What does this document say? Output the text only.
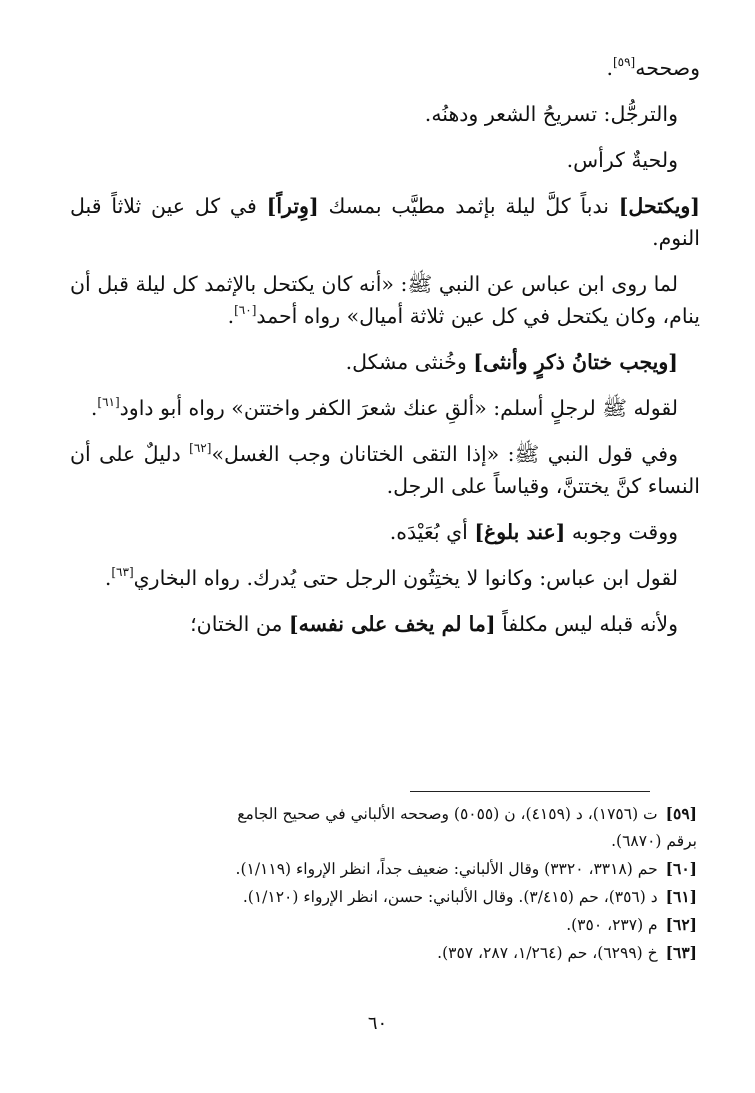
وصححه[٥٩].

والترجُّل: تسريحُ الشعر ودهنُه.

ولحيةٌ كرأس.

[ويكتحل] ندباً كلَّ ليلة بإثمد مطيَّب بمسك [وِتراً] في كل عين ثلاثاً قبل النوم.

لما روى ابن عباس عن النبي ﷺ: «أنه كان يكتحل بالإثمد كل ليلة قبل أن ينام، وكان يكتحل في كل عين ثلاثة أميال» رواه أحمد[٦٠].

[ويجب ختانُ ذكرٍ وأنثى] وخُنثى مشكل.

لقوله ﷺ لرجلٍ أسلم: «ألقِ عنك شعرَ الكفر واختتن» رواه أبو داود[٦١].

وفي قول النبي ﷺ: «إذا التقى الختانان وجب الغسل»[٦٢] دليلٌ على أن النساء كنَّ يختتنَّ، وقياساً على الرجل.

ووقت وجوبه [عند بلوغ] أي بُعَيْدَه.

لقول ابن عباس: وكانوا لا يختِتُون الرجل حتى يُدرك. رواه البخاري[٦٣].

ولأنه قبله ليس مكلفاً [ما لم يخف على نفسه] من الختان؛

[٥٩]ت (١٧٥٦)، د (٤١٥٩)، ن (٥٠٥٥) وصححه الألباني في صحيح الجامع

برقم (٦٨٧٠).

[٦٠]حم (٣٣١٨، ٣٣٢٠) وقال الألباني: ضعيف جداً، انظر الإرواء (١/١١٩).

[٦١]د (٣٥٦)، حم (٣/٤١٥). وقال الألباني: حسن، انظر الإرواء (١/١٢٠).

[٦٢]م (٢٣٧، ٣٥٠).

[٦٣]خ (٦٢٩٩)، حم (١/٢٦٤، ٢٨٧، ٣٥٧).

٦٠
